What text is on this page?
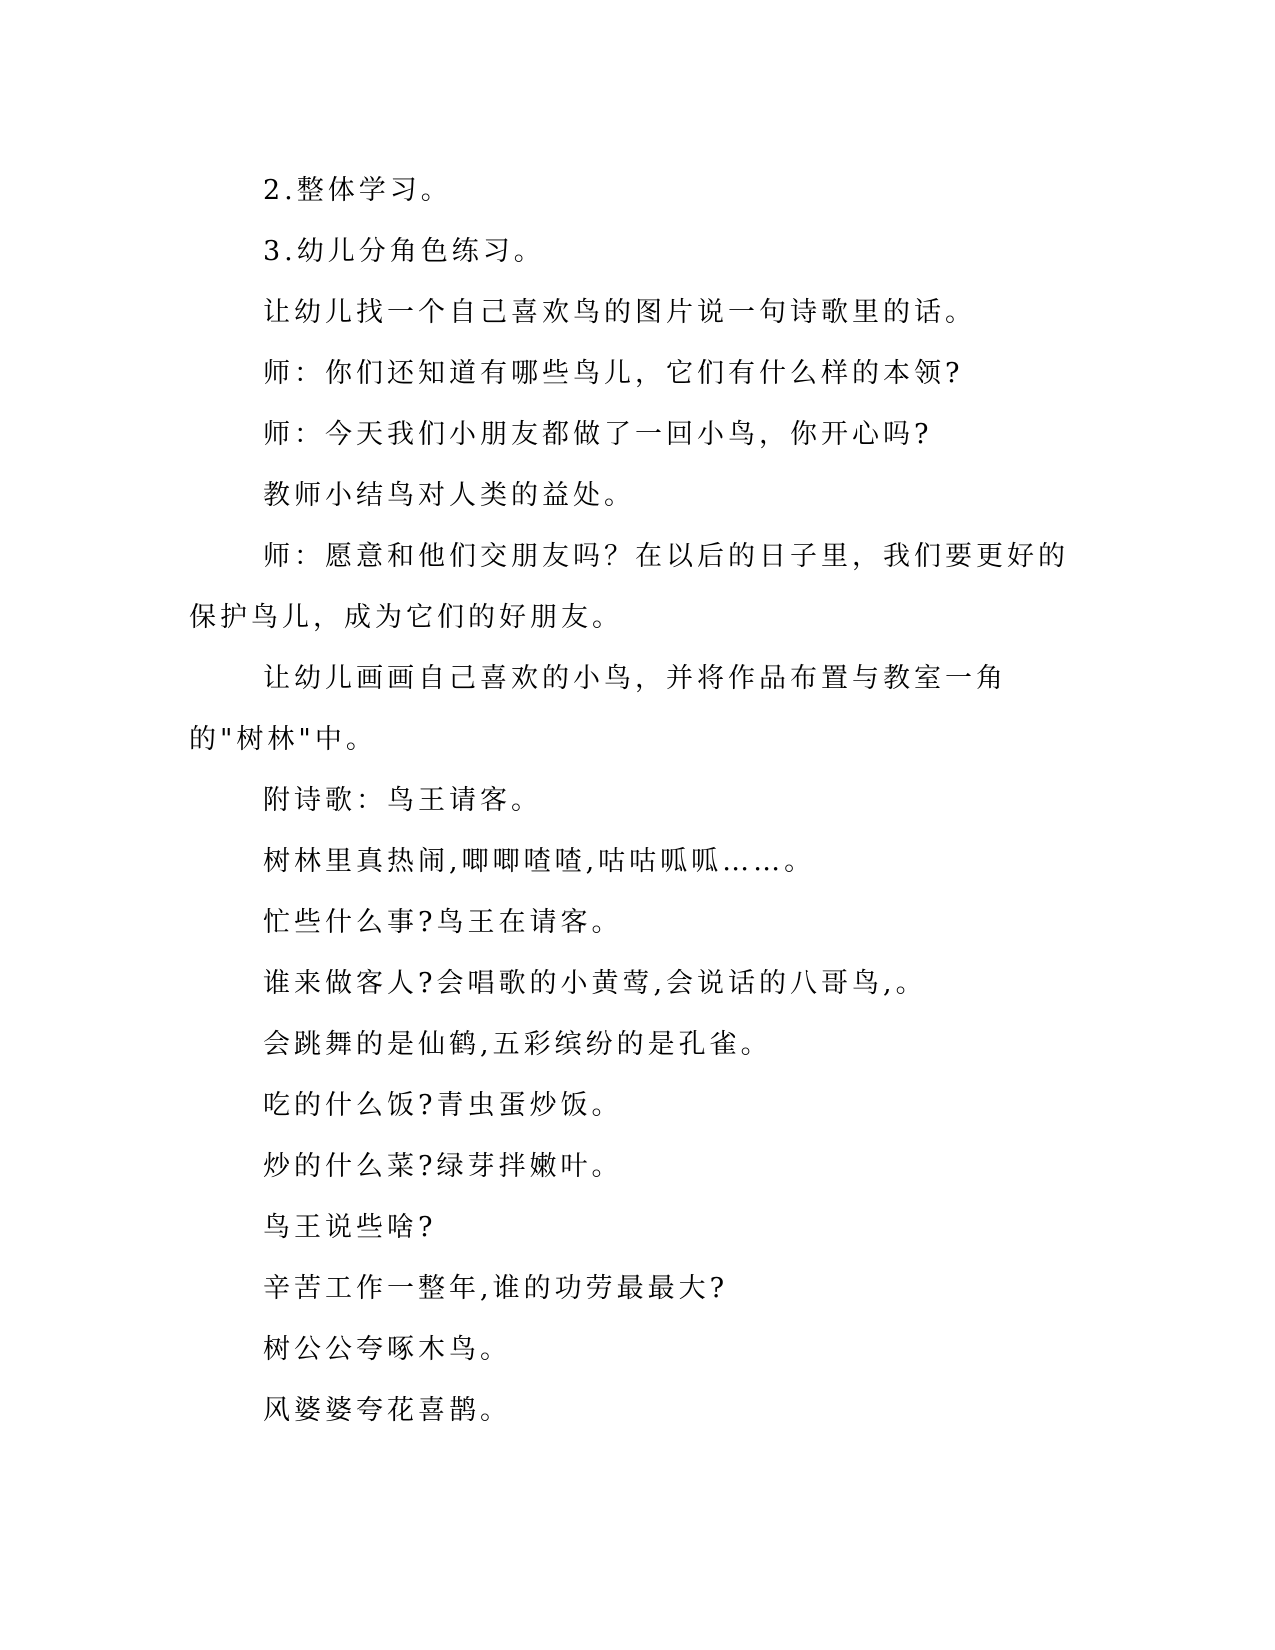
2.整体学习。

3.幼儿分角色练习。

让幼儿找一个自己喜欢鸟的图片说一句诗歌里的话。

师：你们还知道有哪些鸟儿，它们有什么样的本领?

师：今天我们小朋友都做了一回小鸟，你开心吗?

教师小结鸟对人类的益处。

师：愿意和他们交朋友吗？在以后的日子里，我们要更好的保护鸟儿，成为它们的好朋友。

让幼儿画画自己喜欢的小鸟，并将作品布置与教室一角的"树林"中。

附诗歌：鸟王请客。

树林里真热闹,唧唧喳喳,咕咕呱呱……。

忙些什么事?鸟王在请客。

谁来做客人?会唱歌的小黄莺,会说话的八哥鸟,。

会跳舞的是仙鹤,五彩缤纷的是孔雀。

吃的什么饭?青虫蛋炒饭。

炒的什么菜?绿芽拌嫩叶。

鸟王说些啥?

辛苦工作一整年,谁的功劳最最大?

树公公夸啄木鸟。

风婆婆夸花喜鹊。
